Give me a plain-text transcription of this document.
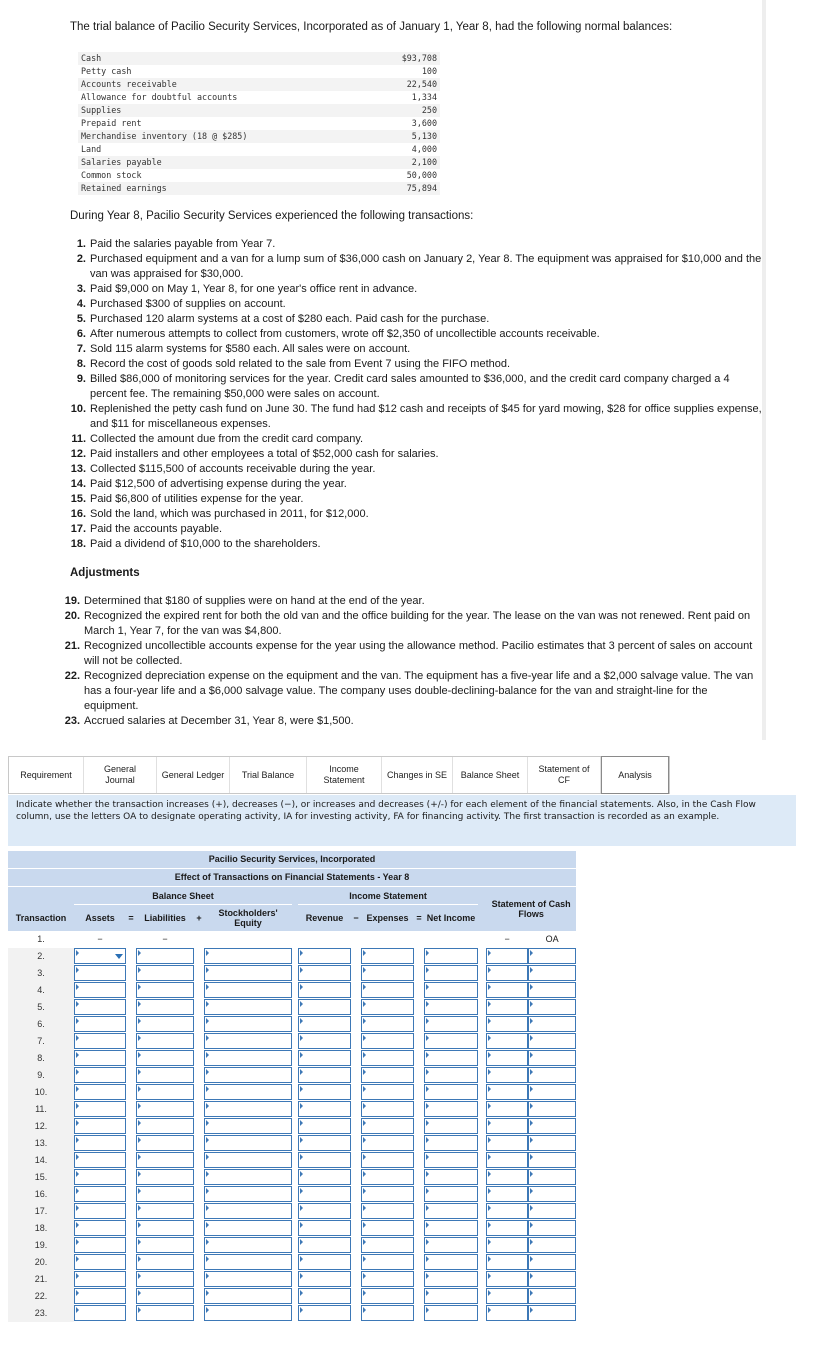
The trial balance of Pacilio Security Services, Incorporated as of January 1, Year 8, had the following normal balances:
Cash	$93,708
Petty cash	100
Accounts receivable	22,540
Allowance for doubtful accounts	1,334
Supplies	250
Prepaid rent	3,600
Merchandise inventory (18 @ $285)	5,130
Land	4,000
Salaries payable	2,100
Common stock	50,000
Retained earnings	75,894
During Year 8, Pacilio Security Services experienced the following transactions:
1. Paid the salaries payable from Year 7.
2. Purchased equipment and a van for a lump sum of $36,000 cash on January 2, Year 8. The equipment was appraised for $10,000 and the van was appraised for $30,000.
3. Paid $9,000 on May 1, Year 8, for one year's office rent in advance.
4. Purchased $300 of supplies on account.
5. Purchased 120 alarm systems at a cost of $280 each. Paid cash for the purchase.
6. After numerous attempts to collect from customers, wrote off $2,350 of uncollectible accounts receivable.
7. Sold 115 alarm systems for $580 each. All sales were on account.
8. Record the cost of goods sold related to the sale from Event 7 using the FIFO method.
9. Billed $86,000 of monitoring services for the year. Credit card sales amounted to $36,000, and the credit card company charged a 4 percent fee. The remaining $50,000 were sales on account.
10. Replenished the petty cash fund on June 30. The fund had $12 cash and receipts of $45 for yard mowing, $28 for office supplies expense, and $11 for miscellaneous expenses.
11. Collected the amount due from the credit card company.
12. Paid installers and other employees a total of $52,000 cash for salaries.
13. Collected $115,500 of accounts receivable during the year.
14. Paid $12,500 of advertising expense during the year.
15. Paid $6,800 of utilities expense for the year.
16. Sold the land, which was purchased in 2011, for $12,000.
17. Paid the accounts payable.
18. Paid a dividend of $10,000 to the shareholders.
Adjustments
19. Determined that $180 of supplies were on hand at the end of the year.
20. Recognized the expired rent for both the old van and the office building for the year. The lease on the van was not renewed. Rent paid on March 1, Year 7, for the van was $4,800.
21. Recognized uncollectible accounts expense for the year using the allowance method. Pacilio estimates that 3 percent of sales on account will not be collected.
22. Recognized depreciation expense on the equipment and the van. The equipment has a five-year life and a $2,000 salvage value. The van has a four-year life and a $6,000 salvage value. The company uses double-declining-balance for the van and straight-line for the equipment.
23. Accrued salaries at December 31, Year 8, were $1,500.
Requirement
General Journal
General Ledger	Trial Balance
Income Statement
Changes in SE	Balance Sheet
Statement of CF
Analysis
Indicate whether the transaction increases (+), decreases (−), or increases and decreases (+/-) for each element of the financial statements. Also, in the Cash Flow column, use the letters OA to designate operating activity, IA for investing activity, FA for financing activity. The first transaction is recorded as an example.
Pacilio Security Services, Incorporated
Effect of Transactions on Financial Statements - Year 8
	Balance Sheet						Income Statement						Statement of Cash Flows	
Transaction	Assets	=	Liabilities	+	Stockholders' Equity		Revenue	−	Expenses	=	Net Income			
1.	−		−										−	OA
2.	

3.	

4.	

5.	

6.	

7.	

8.	

9.	

10.	

11.	

12.	

13.	

14.	

15.	

16.	

17.	

18.	

19.	

20.	

21.	

22.	

23.	
